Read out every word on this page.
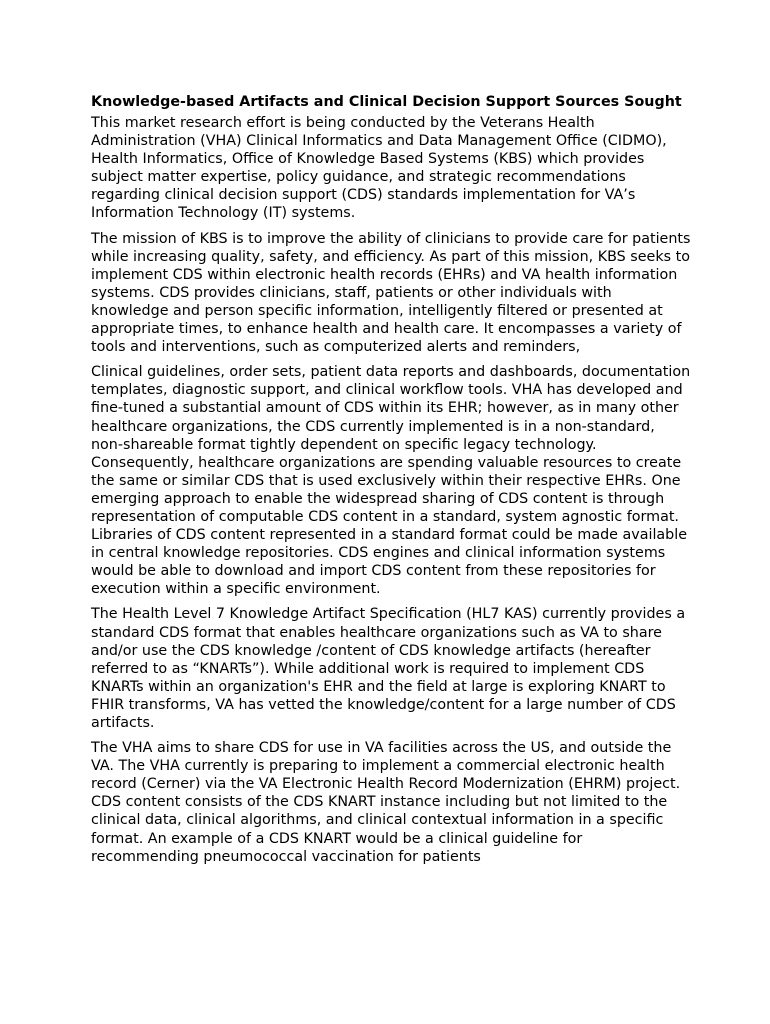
Knowledge-based Artifacts and Clinical Decision Support Sources Sought

This market research effort is being conducted by the Veterans Health Administration (VHA) Clinical Informatics and Data Management Office (CIDMO), Health Informatics, Office of Knowledge Based Systems (KBS) which provides subject matter expertise, policy guidance, and strategic recommendations regarding clinical decision support (CDS) standards implementation for VA’s Information Technology (IT) systems.

The mission of KBS is to improve the ability of clinicians to provide care for patients while increasing quality, safety, and efficiency. As part of this mission, KBS seeks to implement CDS within electronic health records (EHRs) and VA health information systems. CDS provides clinicians, staff, patients or other individuals with knowledge and person specific information, intelligently filtered or presented at appropriate times, to enhance health and health care. It encompasses a variety of tools and interventions, such as computerized alerts and reminders,

Clinical guidelines, order sets, patient data reports and dashboards, documentation templates, diagnostic support, and clinical workflow tools. VHA has developed and fine-tuned a substantial amount of CDS within its EHR; however, as in many other healthcare organizations, the CDS currently implemented is in a non-standard, non-shareable format tightly dependent on specific legacy technology. Consequently, healthcare organizations are spending valuable resources to create the same or similar CDS that is used exclusively within their respective EHRs. One emerging approach to enable the widespread sharing of CDS content is through representation of computable CDS content in a standard, system agnostic format. Libraries of CDS content represented in a standard format could be made available in central knowledge repositories. CDS engines and clinical information systems would be able to download and import CDS content from these repositories for execution within a specific environment.

The Health Level 7 Knowledge Artifact Specification (HL7 KAS) currently provides a standard CDS format that enables healthcare organizations such as VA to share and/or use the CDS knowledge /content of CDS knowledge artifacts (hereafter referred to as “KNARTs”). While additional work is required to implement CDS KNARTs within an organization's EHR and the field at large is exploring KNART to FHIR transforms, VA has vetted the knowledge/content for a large number of CDS artifacts.

The VHA aims to share CDS for use in VA facilities across the US, and outside the VA. The VHA currently is preparing to implement a commercial electronic health record (Cerner) via the VA Electronic Health Record Modernization (EHRM) project. CDS content consists of the CDS KNART instance including but not limited to the clinical data, clinical algorithms, and clinical contextual information in a specific format. An example of a CDS KNART would be a clinical guideline for recommending pneumococcal vaccination for patients
